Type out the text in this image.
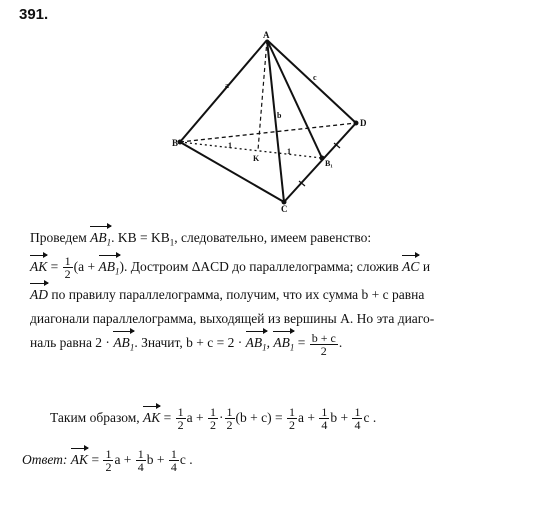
391.
A
B
C
D
K
B₁
a⃗
b⃗
c⃗
1
1
Проведем $AB_1$. KB = $KB_1$, следовательно, имеем равенство:
AK = $\frac{1}{2} (a + AB_1)$. Достроим ΔACD до параллелограмма; сложив AC и
AD по правилу параллелограмма, получим, что их сумма b + c равна
диагонали параллелограмма, выходящей из вершины A. Но эта диаго-
наль равна $2 \cdot AB_1$. Значит, $b + c = 2 \cdot AB_1$, $AB_1 = \frac{b + c}{2}$ .
Таким образом, AK = $\frac{1}{2}$ $a + \frac{1}{2} \cdot \frac{1}{2} (b + c) = \frac{1}{2}$ $a + \frac{1}{4}$ $b + \frac{1}{4}$ c .
Ответ: AK = $\frac{1}{2}$ $a + \frac{1}{4}$ $b + \frac{1}{4}$ c .
